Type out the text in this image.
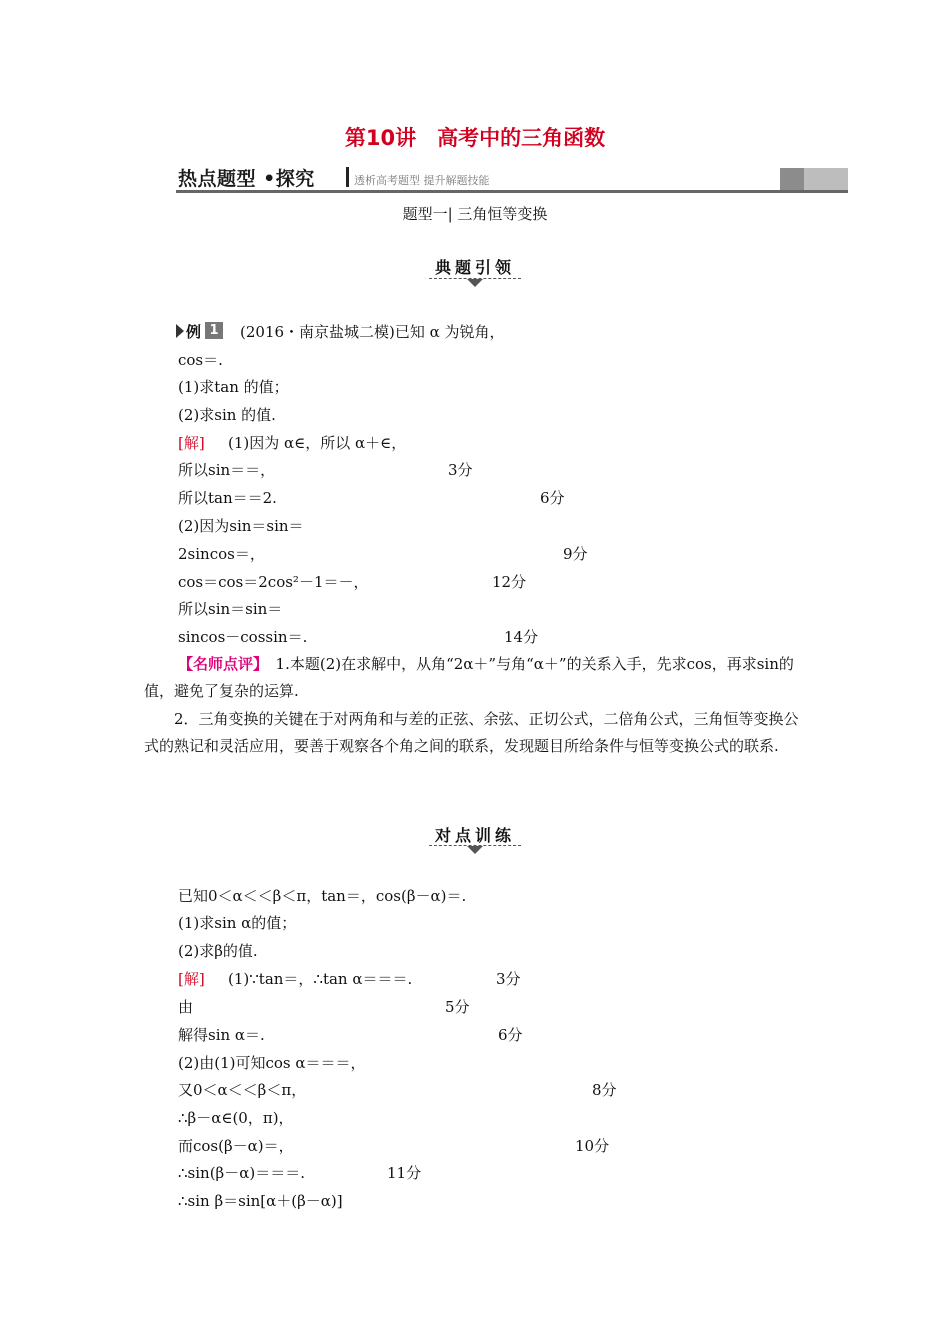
第10讲　高考中的三角函数
热点题型 •探究	透析高考题型 提升解题技能
题型一| 三角恒等变换
典题引领
例 1 (2016・南京盐城二模)已知 α 为锐角，
cos＝.
(1)求tan 的值；
(2)求sin 的值.
[解] (1)因为 α∈，所以 α＋∈，
所以sin＝＝，	3分
所以tan＝＝2.	6分
(2)因为sin＝sin＝
2sincos＝，	9分
cos＝cos＝2cos²－1＝－，	12分
所以sin＝sin＝
sincos－cossin＝.	14分
【名师点评】　 1.本题(2)在求解中，从角“2α＋”与角“α＋”的关系入手，先求cos，再求sin的值，避免了复杂的运算.
2．三角变换的关键在于对两角和与差的正弦、余弦、正切公式，二倍角公式，三角恒等变换公式的熟记和灵活应用，要善于观察各个角之间的联系，发现题目所给条件与恒等变换公式的联系.
对点训练
已知0＜α＜＜β＜π，tan＝，cos(β－α)＝.
(1)求sin α的值；
(2)求β的值.
[解] (1)∵tan＝，∴tan α＝＝＝.	3分
由	5分
解得sin α＝.	6分
(2)由(1)可知cos α＝＝＝，
又0＜α＜＜β＜π，	8分
∴β－α∈(0，π)，
而cos(β－α)＝，	10分
∴sin(β－α)＝＝＝.	11分
∴sin β＝sin[α＋(β－α)]
